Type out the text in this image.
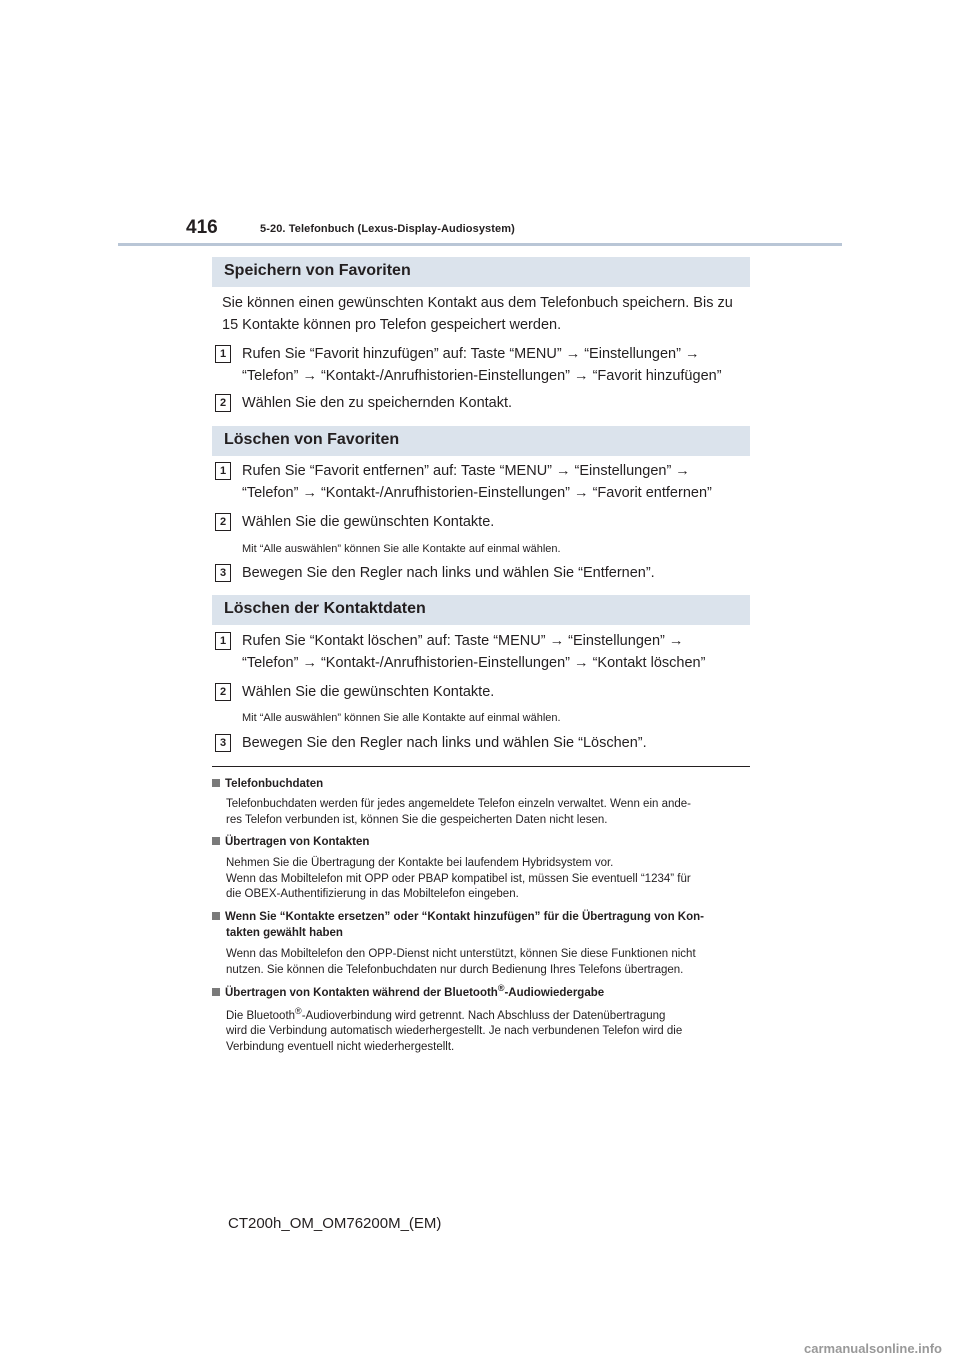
416	5-20. Telefonbuch (Lexus-Display-Audiosystem)
Speichern von Favoriten
Sie können einen gewünschten Kontakt aus dem Telefonbuch speichern. Bis zu
15 Kontakte können pro Telefon gespeichert werden.
1	Rufen Sie “Favorit hinzufügen” auf: Taste “MENU” → “Einstellungen” →
“Telefon” → “Kontakt-/Anrufhistorien-Einstellungen” → “Favorit hinzufügen”
2	Wählen Sie den zu speichernden Kontakt.
Löschen von Favoriten
1	Rufen Sie “Favorit entfernen” auf: Taste “MENU” → “Einstellungen” →
“Telefon” → “Kontakt-/Anrufhistorien-Einstellungen” → “Favorit entfernen”
2	Wählen Sie die gewünschten Kontakte.
Mit “Alle auswählen” können Sie alle Kontakte auf einmal wählen.
3	Bewegen Sie den Regler nach links und wählen Sie “Entfernen”.
Löschen der Kontaktdaten
1	Rufen Sie “Kontakt löschen” auf: Taste “MENU” → “Einstellungen” →
“Telefon” → “Kontakt-/Anrufhistorien-Einstellungen” → “Kontakt löschen”
2	Wählen Sie die gewünschten Kontakte.
Mit “Alle auswählen” können Sie alle Kontakte auf einmal wählen.
3	Bewegen Sie den Regler nach links und wählen Sie “Löschen”.
Telefonbuchdaten
Telefonbuchdaten werden für jedes angemeldete Telefon einzeln verwaltet. Wenn ein ande-
res Telefon verbunden ist, können Sie die gespeicherten Daten nicht lesen.
Übertragen von Kontakten
Nehmen Sie die Übertragung der Kontakte bei laufendem Hybridsystem vor.
Wenn das Mobiltelefon mit OPP oder PBAP kompatibel ist, müssen Sie eventuell “1234” für
die OBEX-Authentifizierung in das Mobiltelefon eingeben.
Wenn Sie “Kontakte ersetzen” oder “Kontakt hinzufügen” für die Übertragung von Kon-
takten gewählt haben
Wenn das Mobiltelefon den OPP-Dienst nicht unterstützt, können Sie diese Funktionen nicht
nutzen. Sie können die Telefonbuchdaten nur durch Bedienung Ihres Telefons übertragen.
Übertragen von Kontakten während der Bluetooth®-Audiowiedergabe
Die Bluetooth®-Audioverbindung wird getrennt. Nach Abschluss der Datenübertragung
wird die Verbindung automatisch wiederhergestellt. Je nach verbundenen Telefon wird die
Verbindung eventuell nicht wiederhergestellt.
CT200h_OM_OM76200M_(EM)
carmanualsonline.info
